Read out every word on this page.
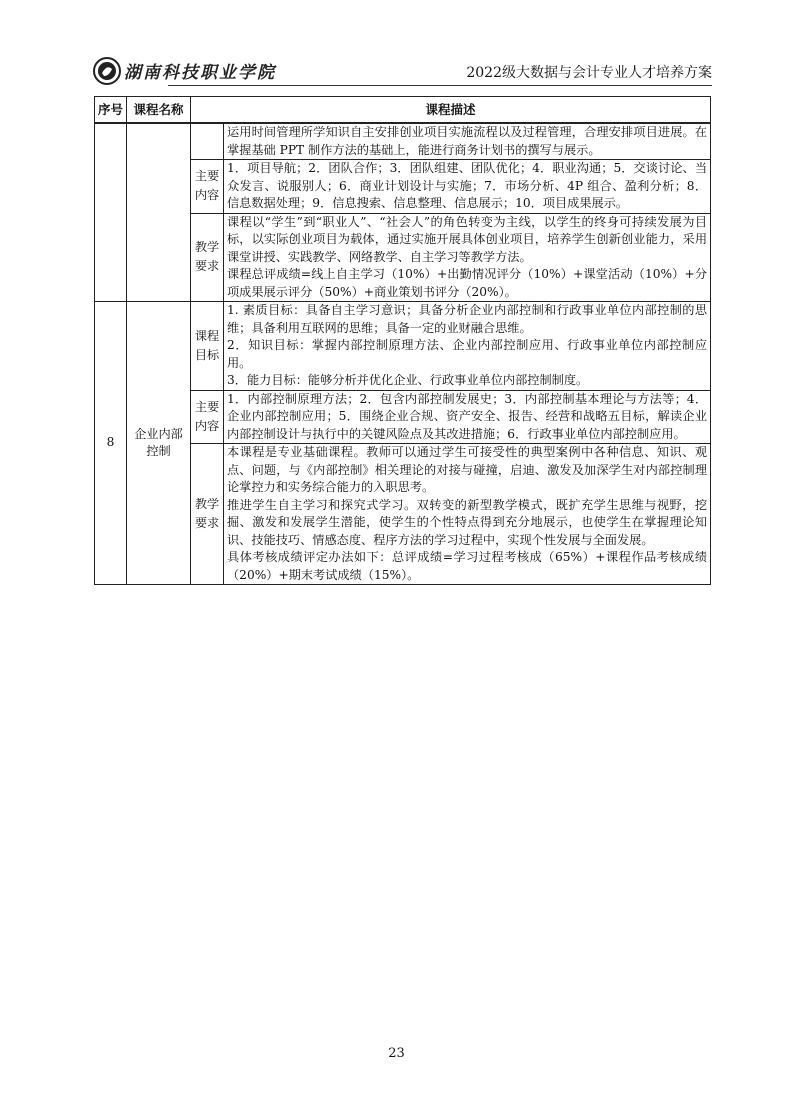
湖南科技职业学院	2022级大数据与会计专业人才培养方案
序号	课程名称	课程描述	

			运用时间管理所学知识自主安排创业项目实施流程以及过程管理，合理安排项目进展。在掌握基础 PPT 制作方法的基础上，能进行商务计划书的撰写与展示。

		主要内容	1．项目导航；2．团队合作；3．团队组建、团队优化；4．职业沟通；5．交谈讨论、当众发言、说服别人；6．商业计划设计与实施；7．市场分析、4P 组合、盈利分析；8．信息数据处理；9．信息搜索、信息整理、信息展示；10．项目成果展示。

		教学要求	课程以“学生”到“职业人”、“社会人”的角色转变为主线，以学生的终身可持续发展为目标，以实际创业项目为载体，通过实施开展具体创业项目，培养学生创新创业能力，采用课堂讲授、实践教学、网络教学、自主学习等教学方法。
课程总评成绩=线上自主学习（10%）+出勤情况评分（10%）+课堂活动（10%）+分项成果展示评分（50%）+商业策划书评分（20%）。

8	企业内部控制	课程目标	1. 素质目标：具备自主学习意识；具备分析企业内部控制和行政事业单位内部控制的思维；具备利用互联网的思维；具备一定的业财融合思维。
2．知识目标：掌握内部控制原理方法、企业内部控制应用、行政事业单位内部控制应用。
3．能力目标：能够分析并优化企业、行政事业单位内部控制制度。

		主要内容	1．内部控制原理方法；2．包含内部控制发展史；3．内部控制基本理论与方法等；4．企业内部控制应用；5．围绕企业合规、资产安全、报告、经营和战略五目标，解读企业内部控制设计与执行中的关键风险点及其改进措施；6．行政事业单位内部控制应用。

		教学要求	本课程是专业基础课程。教师可以通过学生可接受性的典型案例中各种信息、知识、观点、问题，与《内部控制》相关理论的对接与碰撞，启迪、激发及加深学生对内部控制理论掌控力和实务综合能力的入职思考。
推进学生自主学习和探究式学习。双转变的新型教学模式，既扩充学生思维与视野，挖掘、激发和发展学生潜能，使学生的个性特点得到充分地展示，也使学生在掌握理论知识、技能技巧、情感态度、程序方法的学习过程中，实现个性发展与全面发展。
具体考核成绩评定办法如下：总评成绩=学习过程考核成（65%）+课程作品考核成绩（20%）+期末考试成绩（15%）。
23
